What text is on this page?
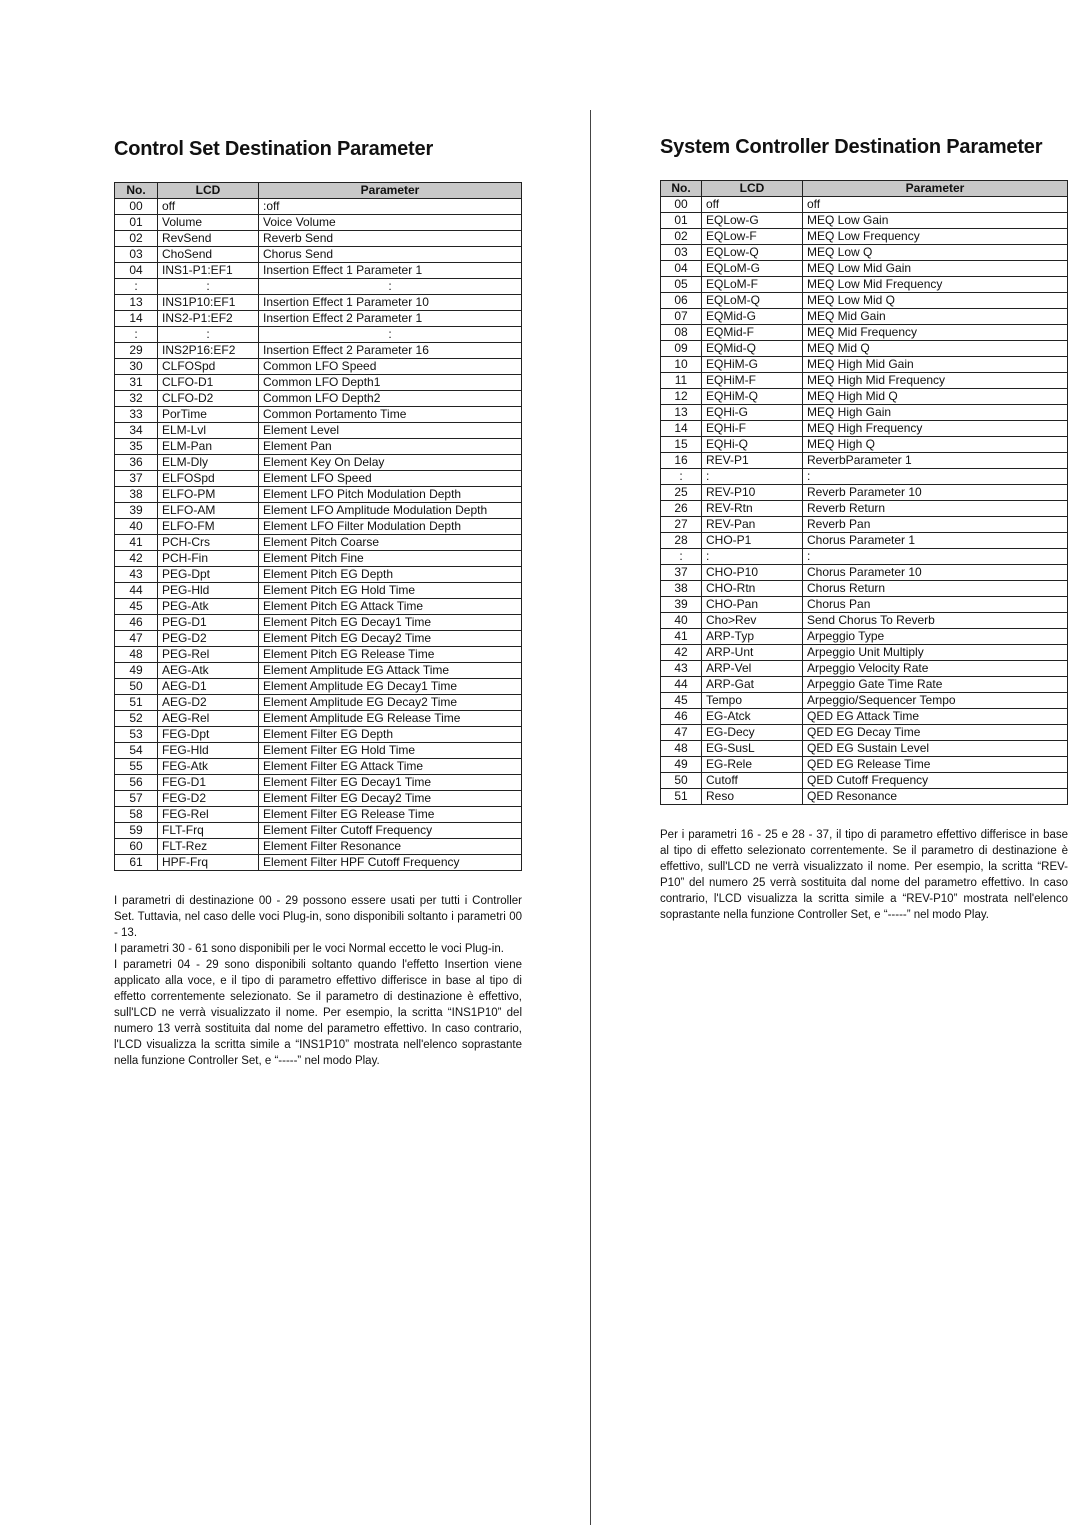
Control Set Destination Parameter
No.	LCD	Parameter
00	off	:off
01	Volume	Voice Volume
02	RevSend	Reverb Send
03	ChoSend	Chorus Send
04	INS1-P1:EF1	Insertion Effect 1 Parameter 1
:	:	:
13	INS1P10:EF1	Insertion Effect 1 Parameter 10
14	INS2-P1:EF2	Insertion Effect 2 Parameter 1
:	:	:
29	INS2P16:EF2	Insertion Effect 2 Parameter 16
30	CLFOSpd	Common LFO Speed
31	CLFO-D1	Common LFO Depth1
32	CLFO-D2	Common LFO Depth2
33	PorTime	Common Portamento Time
34	ELM-Lvl	Element Level
35	ELM-Pan	Element Pan
36	ELM-Dly	Element Key On Delay
37	ELFOSpd	Element LFO Speed
38	ELFO-PM	Element LFO Pitch Modulation Depth
39	ELFO-AM	Element LFO Amplitude Modulation Depth
40	ELFO-FM	Element LFO Filter Modulation Depth
41	PCH-Crs	Element Pitch Coarse
42	PCH-Fin	Element Pitch Fine
43	PEG-Dpt	Element Pitch EG Depth
44	PEG-Hld	Element Pitch EG Hold Time
45	PEG-Atk	Element Pitch EG Attack Time
46	PEG-D1	Element Pitch EG Decay1 Time
47	PEG-D2	Element Pitch EG Decay2 Time
48	PEG-Rel	Element Pitch EG Release Time
49	AEG-Atk	Element Amplitude EG Attack Time
50	AEG-D1	Element Amplitude EG Decay1 Time
51	AEG-D2	Element Amplitude EG Decay2 Time
52	AEG-Rel	Element Amplitude EG Release Time
53	FEG-Dpt	Element Filter EG Depth
54	FEG-Hld	Element Filter EG Hold Time
55	FEG-Atk	Element Filter EG Attack Time
56	FEG-D1	Element Filter EG Decay1 Time
57	FEG-D2	Element Filter EG Decay2 Time
58	FEG-Rel	Element Filter EG Release Time
59	FLT-Frq	Element Filter Cutoff Frequency
60	FLT-Rez	Element Filter Resonance
61	HPF-Frq	Element Filter HPF Cutoff Frequency

I parametri di destinazione 00 - 29 possono essere usati per tutti i Controller Set. Tuttavia, nel caso delle voci Plug-in, sono disponibili soltanto i parametri 00 - 13.

I parametri 30 - 61 sono disponibili per le voci Normal eccetto le voci Plug-in.

I parametri 04 - 29 sono disponibili soltanto quando l'effetto Insertion viene applicato alla voce, e il tipo di parametro effettivo differisce in base al tipo di effetto correntemente selezionato. Se il parametro di destinazione è effettivo, sull'LCD ne verrà visualizzato il nome. Per esempio, la scritta “INS1P10” del numero 13 verrà sostituita dal nome del parametro effettivo. In caso contrario, l'LCD visualizza la scritta simile a “INS1P10” mostrata nell'elenco soprastante nella funzione Controller Set, e “-----” nel modo Play.

System Controller Destination Parameter
No.	LCD	Parameter
00	off	off
01	EQLow-G	MEQ Low Gain
02	EQLow-F	MEQ Low Frequency
03	EQLow-Q	MEQ Low Q
04	EQLoM-G	MEQ Low Mid Gain
05	EQLoM-F	MEQ Low Mid Frequency
06	EQLoM-Q	MEQ Low Mid Q
07	EQMid-G	MEQ Mid Gain
08	EQMid-F	MEQ Mid Frequency
09	EQMid-Q	MEQ Mid Q
10	EQHiM-G	MEQ High Mid Gain
11	EQHiM-F	MEQ High Mid Frequency
12	EQHiM-Q	MEQ High Mid Q
13	EQHi-G	MEQ High Gain
14	EQHi-F	MEQ High Frequency
15	EQHi-Q	MEQ High Q
16	REV-P1	ReverbParameter 1
:	:	:
25	REV-P10	Reverb Parameter 10
26	REV-Rtn	Reverb Return
27	REV-Pan	Reverb Pan
28	CHO-P1	Chorus Parameter 1
:	:	:
37	CHO-P10	Chorus Parameter 10
38	CHO-Rtn	Chorus Return
39	CHO-Pan	Chorus Pan
40	Cho>Rev	Send Chorus To Reverb
41	ARP-Typ	Arpeggio Type
42	ARP-Unt	Arpeggio Unit Multiply
43	ARP-Vel	Arpeggio Velocity Rate
44	ARP-Gat	Arpeggio Gate Time Rate
45	Tempo	Arpeggio/Sequencer Tempo
46	EG-Atck	QED EG Attack Time
47	EG-Decy	QED EG Decay Time
48	EG-SusL	QED EG Sustain Level
49	EG-Rele	QED EG Release Time
50	Cutoff	QED Cutoff Frequency
51	Reso	QED Resonance

Per i parametri 16 - 25 e 28 - 37, il tipo di parametro effettivo differisce in base al tipo di effetto selezionato correntemente. Se il parametro di destinazione è effettivo, sull'LCD ne verrà visualizzato il nome. Per esempio, la scritta “REV-P10” del numero 25 verrà sostituita dal nome del parametro effettivo. In caso contrario, l'LCD visualizza la scritta simile a “REV-P10” mostrata nell'elenco soprastante nella funzione Controller Set, e “-----” nel modo Play.
